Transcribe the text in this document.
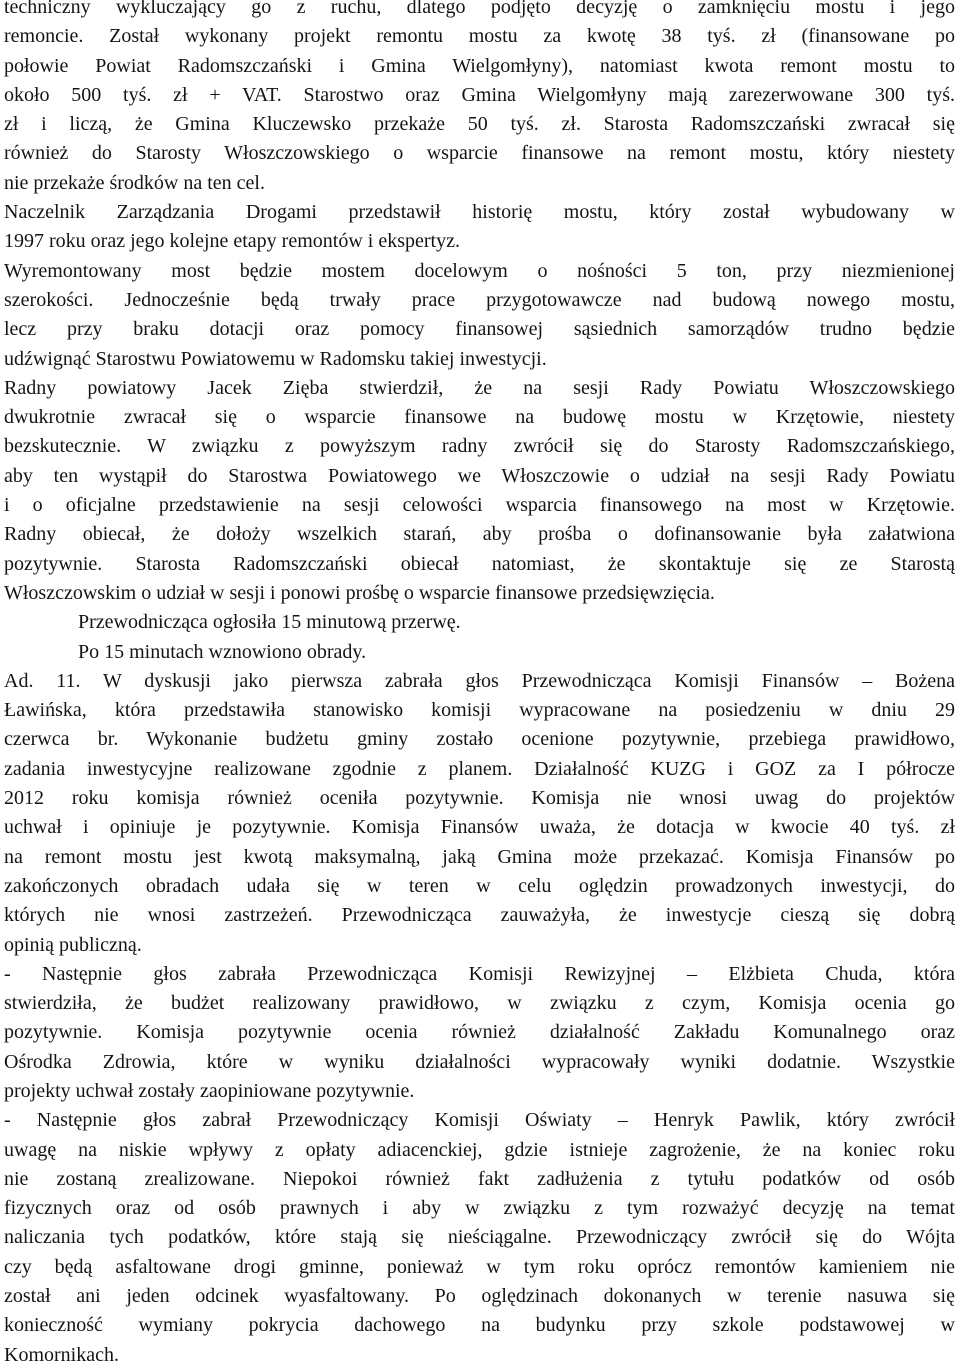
techniczny wykluczający go z ruchu, dlatego podjęto decyzję o zamknięciu mostu i jego
remoncie. Został wykonany projekt remontu mostu za kwotę 38 tyś. zł (finansowane po
połowie Powiat Radomszczański i Gmina Wielgomłyny), natomiast kwota remont mostu to
około 500 tyś. zł + VAT. Starostwo oraz Gmina Wielgomłyny mają zarezerwowane 300 tyś.
zł i liczą, że Gmina Kluczewsko przekaże 50 tyś. zł. Starosta Radomszczański zwracał się
również do Starosty Włoszczowskiego o wsparcie finansowe na remont mostu, który niestety
nie przekaże środków na ten cel.
Naczelnik Zarządzania Drogami przedstawił historię mostu, który został wybudowany w
1997 roku oraz jego kolejne etapy remontów i ekspertyz.
Wyremontowany most będzie mostem docelowym o nośności 5 ton, przy niezmienionej
szerokości. Jednocześnie będą trwały prace przygotowawcze nad budową nowego mostu,
lecz przy braku dotacji oraz pomocy finansowej sąsiednich samorządów trudno będzie
udźwignąć Starostwu Powiatowemu w Radomsku takiej inwestycji.
Radny powiatowy Jacek Zięba stwierdził, że na sesji Rady Powiatu Włoszczowskiego
dwukrotnie zwracał się o wsparcie finansowe na budowę mostu w Krzętowie, niestety
bezskutecznie. W związku z powyższym radny zwrócił się do Starosty Radomszczańskiego,
aby ten wystąpił do Starostwa Powiatowego we Włoszczowie o udział na sesji Rady Powiatu
i o oficjalne przedstawienie na sesji celowości wsparcia finansowego na most w Krzętowie.
Radny obiecał, że dołoży wszelkich starań, aby prośba o dofinansowanie była załatwiona
pozytywnie. Starosta Radomszczański obiecał natomiast, że skontaktuje się ze Starostą
Włoszczowskim o udział w sesji i ponowi prośbę o wsparcie finansowe przedsięwzięcia.
Przewodnicząca ogłosiła 15 minutową przerwę.
Po 15 minutach wznowiono obrady.
Ad. 11. W dyskusji jako pierwsza zabrała głos Przewodnicząca Komisji Finansów – Bożena
Ławińska, która przedstawiła stanowisko komisji wypracowane na posiedzeniu w dniu 29
czerwca br. Wykonanie budżetu gminy zostało ocenione pozytywnie, przebiega prawidłowo,
zadania inwestycyjne realizowane zgodnie z planem. Działalność KUZG i GOZ za I półrocze
2012 roku komisja również oceniła pozytywnie. Komisja nie wnosi uwag do projektów
uchwał i opiniuje je pozytywnie. Komisja Finansów uważa, że dotacja w kwocie 40 tyś. zł
na remont mostu jest kwotą maksymalną, jaką Gmina może przekazać. Komisja Finansów po
zakończonych obradach udała się w teren w celu oględzin prowadzonych inwestycji, do
których nie wnosi zastrzeżeń. Przewodnicząca zauważyła, że inwestycje cieszą się dobrą
opinią publiczną.
- Następnie głos zabrała Przewodnicząca Komisji Rewizyjnej – Elżbieta Chuda, która
stwierdziła, że budżet realizowany prawidłowo, w związku z czym, Komisja ocenia go
pozytywnie. Komisja pozytywnie ocenia również działalność Zakładu Komunalnego oraz
Ośrodka Zdrowia, które w wyniku działalności wypracowały wyniki dodatnie. Wszystkie
projekty uchwał zostały zaopiniowane pozytywnie.
- Następnie głos zabrał Przewodniczący Komisji Oświaty – Henryk Pawlik, który zwrócił
uwagę na niskie wpływy z opłaty adiacenckiej, gdzie istnieje zagrożenie, że na koniec roku
nie zostaną zrealizowane. Niepokoi również fakt zadłużenia z tytułu podatków od osób
fizycznych oraz od osób prawnych i aby w związku z tym rozważyć decyzję na temat
naliczania tych podatków, które stają się nieściągalne. Przewodniczący zwrócił się do Wójta
czy będą asfaltowane drogi gminne, ponieważ w tym roku oprócz remontów kamieniem nie
został ani jeden odcinek wyasfaltowany. Po oględzinach dokonanych w terenie nasuwa się
konieczność wymiany pokrycia dachowego na budynku przy szkole podstawowej w
Komornikach.
